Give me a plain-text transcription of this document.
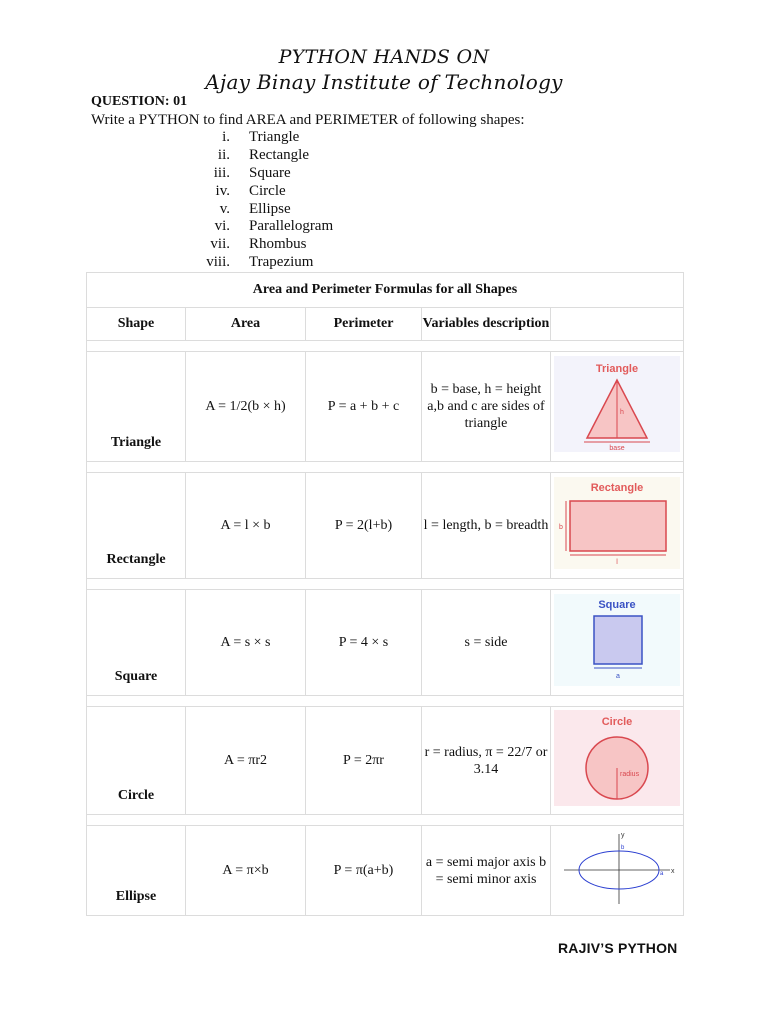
PYTHON HANDS ON
Ajay Binay Institute of Technology
QUESTION: 01
Write a PYTHON to find AREA and PERIMETER of following shapes:
i. Triangle
ii. Rectangle
iii. Square
iv. Circle
v. Ellipse
vi. Parallelogram
vii. Rhombus
viii. Trapezium
Area and Perimeter Formulas for all Shapes				
Shape	Area	Perimeter	Variables description	

Triangle	A = 1/2(b × h)	P = a + b + c	b = base, h = height a,b and c are sides of triangle	Triangle
h
base

Rectangle	A = l × b	P = 2(l+b)	l = length, b = breadth	Rectangle
b
l

Square	A = s × s	P = 4 × s	s = side	Square
a

Circle	A = πr2	P = 2πr	r = radius, π = 22/7 or 3.14	Circle
radius

Ellipse	A = π×b	P = π(a+b)	a = semi major axis b = semi minor axis	y
b
a x
RAJIV’S PYTHON
